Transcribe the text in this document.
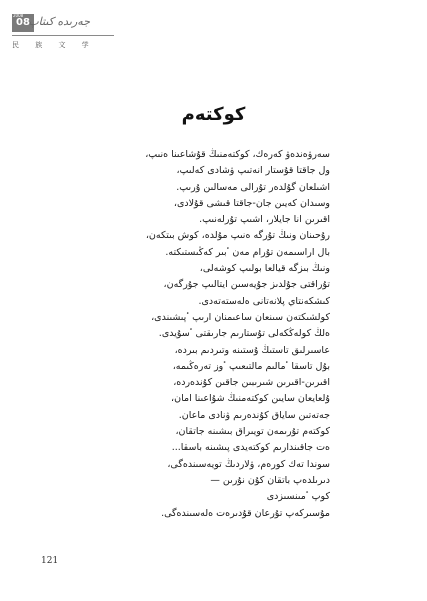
2008
08
جەرىدە كىتاپ
民 族 文 学
كوكتەم
سەرۋەندەۋ كەرەك، كوكتەمنىڭ قۇشاعىنا ەنىپ،
ول جاقتا قۇستار انەتىپ ۋشادى كەلىپ،
اشىلعان گۇلدەر تۇرالى مەسالىن ۇرىپ.
وسىدان كەيىن جان-جاقتا قىشى قۇلادى،
اقىرىن انا جايلار، اشىپ تۇرلەنىپ.
رۇحىنان ونىڭ تۇرگە ەنىپ مۇلدە، كوش بىتكەن،
بال اراسىمەن تۇرام مەن ٴبىر كەڭىستىكتە.
ونىڭ بىزگە قيالعا بولىپ كوشەلى،
تۇراقتى جۇلدىز جۇيەسىن ايتالىپ جۇرگەن،
كىشكەنتاي پلانەتانى ەلەستەتەدى.
كولشىكتەن سىنعان ساعىمنان ارىپ ٴپىشىندى،
ەلڭ كولەڭكەلى تۇستارىم جارىقتى ٴسۇيدى.
عاسىرلىق تاستىڭ ۇستىنە وتىردىم بىردە،
بۇل تاسقا ٴمالىم مالتىعىپ ٴوز تەرەڭىمە،
اقىرىن-اقىرىن شىرىبىن جاقىن كۇندەردە،
ۇلعايعان سايىن كوكتەمنىڭ شۇاعىنا امان،
جەتەتىن ساياق كۇندەرىم ۋنادى ماعان.
كوكتەم تۇرىمەن تويىراق بىشىنە جاتقان،
ەت جاقىندارىم كوكتەيدى پىشىنە باسقا...
سوندا تەك كورەم، ۋلاردىڭ تويەسىندەگى،
دىرىلدەپ باتقان كۇن نۇرىن —
كوپ ٴمىنسىزدى
مۇسىركەپ تۇرعان قۇدىرەت ەلەسىندەگى.
121
